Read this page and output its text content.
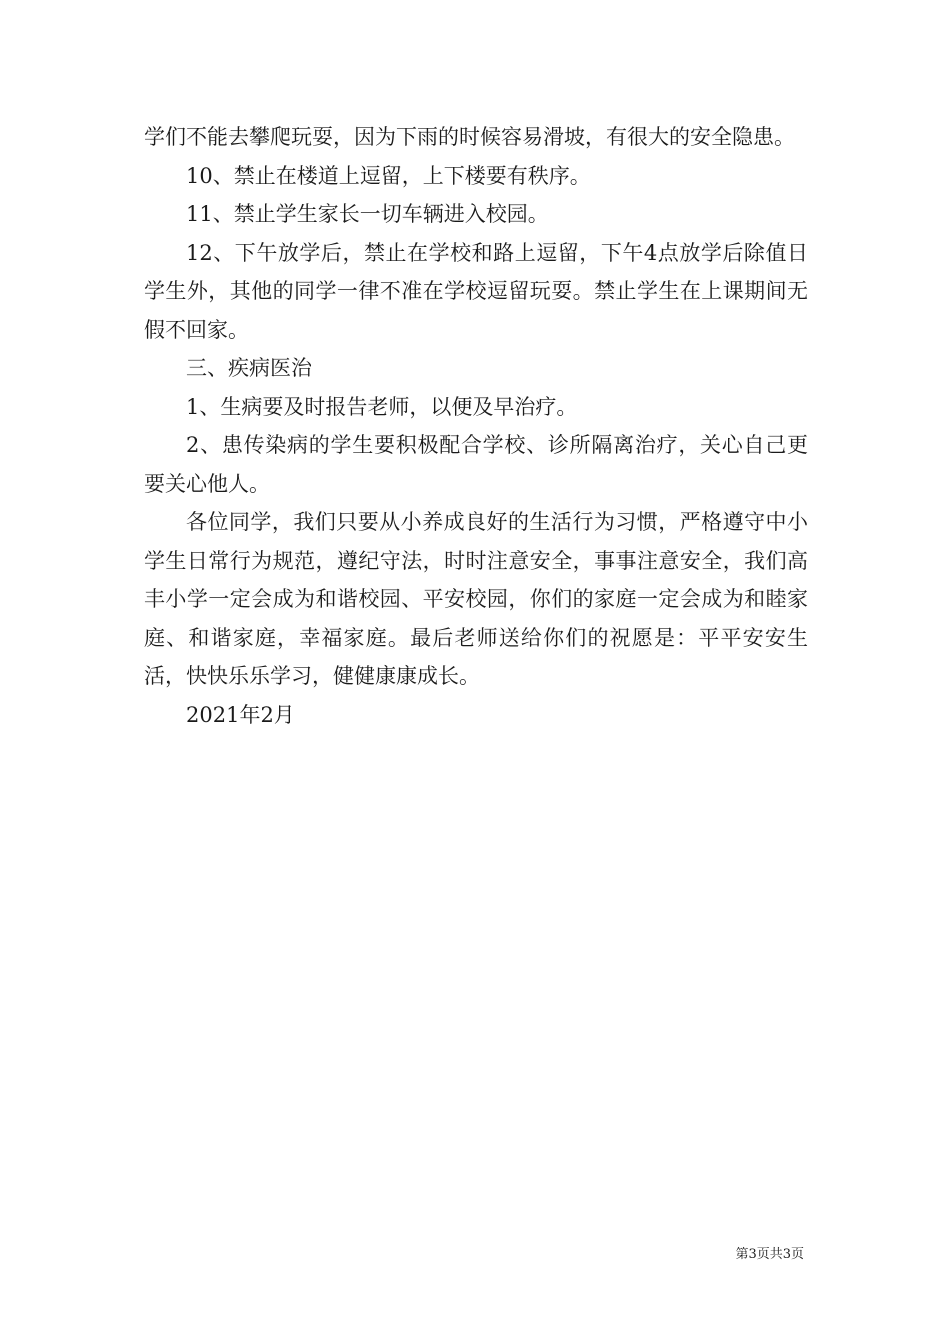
学们不能去攀爬玩耍，因为下雨的时候容易滑坡，有很大的安全隐患。

10、禁止在楼道上逗留，上下楼要有秩序。

11、禁止学生家长一切车辆进入校园。

12、下午放学后，禁止在学校和路上逗留，下午4点放学后除值日学生外，其他的同学一律不准在学校逗留玩耍。禁止学生在上课期间无假不回家。

三、疾病医治

1、生病要及时报告老师，以便及早治疗。

2、患传染病的学生要积极配合学校、诊所隔离治疗，关心自己更要关心他人。

各位同学，我们只要从小养成良好的生活行为习惯，严格遵守中小学生日常行为规范，遵纪守法，时时注意安全，事事注意安全，我们高丰小学一定会成为和谐校园、平安校园，你们的家庭一定会成为和睦家庭、和谐家庭，幸福家庭。最后老师送给你们的祝愿是：平平安安生活，快快乐乐学习，健健康康成长。

2021年2月

第3页共3页
